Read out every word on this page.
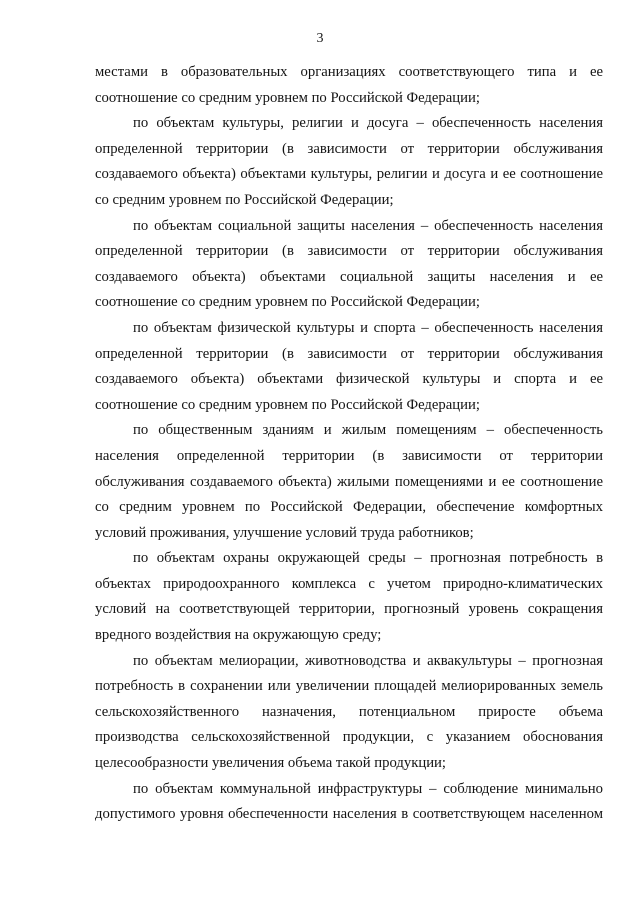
3

местами в образовательных организациях соответствующего типа и ее соотношение со средним уровнем по Российской Федерации;

по объектам культуры, религии и досуга – обеспеченность населения определенной территории (в зависимости от территории обслуживания создаваемого объекта) объектами культуры, религии и досуга и ее соотношение со средним уровнем по Российской Федерации;

по объектам социальной защиты населения – обеспеченность населения определенной территории (в зависимости от территории обслуживания создаваемого объекта) объектами социальной защиты населения и ее соотношение со средним уровнем по Российской Федерации;

по объектам физической культуры и спорта – обеспеченность населения определенной территории (в зависимости от территории обслуживания создаваемого объекта) объектами физической культуры и спорта и ее соотношение со средним уровнем по Российской Федерации;

по общественным зданиям и жилым помещениям – обеспеченность населения определенной территории (в зависимости от территории обслуживания создаваемого объекта) жилыми помещениями и ее соотношение со средним уровнем по Российской Федерации, обеспечение комфортных условий проживания, улучшение условий труда работников;

по объектам охраны окружающей среды – прогнозная потребность в объектах природоохранного комплекса с учетом природно-климатических условий на соответствующей территории, прогнозный уровень сокращения вредного воздействия на окружающую среду;

по объектам мелиорации, животноводства и аквакультуры – прогнозная потребность в сохранении или увеличении площадей мелиорированных земель сельскохозяйственного назначения, потенциальном приросте объема производства сельскохозяйственной продукции, с указанием обоснования целесообразности увеличения объема такой продукции;

по объектам коммунальной инфраструктуры – соблюдение минимально допустимого уровня обеспеченности населения в соответствующем населенном
